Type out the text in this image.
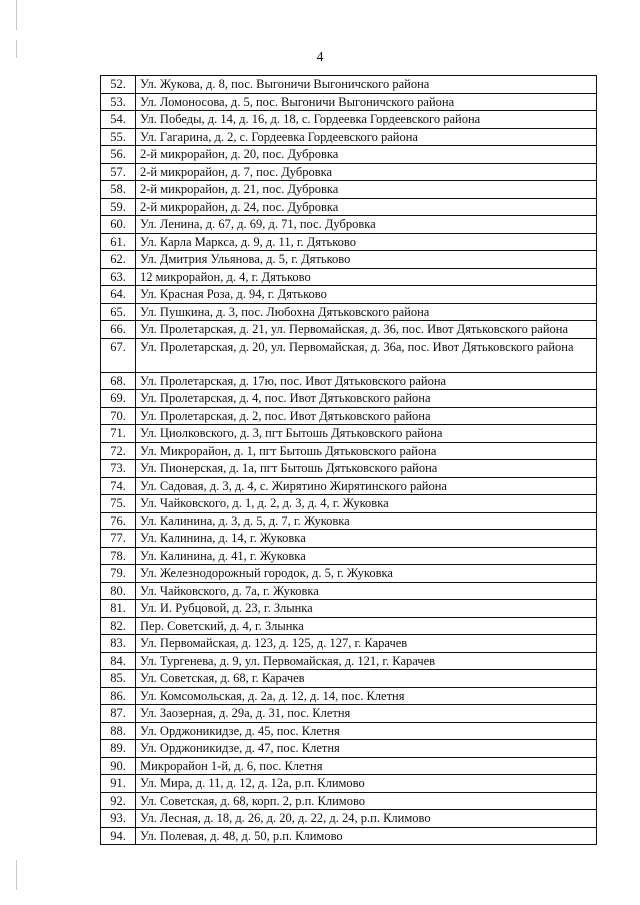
4
52.	Ул. Жукова, д. 8, пос. Выгоничи Выгоничского района
53.	Ул. Ломоносова, д. 5, пос. Выгоничи Выгоничского района
54.	Ул. Победы, д. 14, д. 16, д. 18, с. Гордеевка Гордеевского района
55.	Ул. Гагарина, д. 2, с. Гордеевка Гордеевского района
56.	2-й микрорайон, д. 20, пос. Дубровка
57.	2-й микрорайон, д. 7, пос. Дубровка
58.	2-й микрорайон, д. 21, пос. Дубровка
59.	2-й микрорайон, д. 24, пос. Дубровка
60.	Ул. Ленина, д. 67, д. 69, д. 71, пос. Дубровка
61.	Ул. Карла Маркса, д. 9, д. 11, г. Дятьково
62.	Ул. Дмитрия Ульянова, д. 5, г. Дятьково
63.	12 микрорайон, д. 4, г. Дятьково
64.	Ул. Красная Роза, д. 94, г. Дятьково
65.	Ул. Пушкина, д. 3, пос. Любохна Дятьковского района
66.	Ул. Пролетарская, д. 21, ул. Первомайская, д. 36, пос. Ивот Дятьковского района
67.	Ул. Пролетарская, д. 20, ул. Первомайская, д. 36а, пос. Ивот Дятьковского района
68.	Ул. Пролетарская, д. 17ю, пос. Ивот Дятьковского района
69.	Ул. Пролетарская, д. 4, пос. Ивот Дятьковского района
70.	Ул. Пролетарская, д. 2, пос. Ивот Дятьковского района
71.	Ул. Циолковского, д. 3, пгт Бытошь Дятьковского района
72.	Ул. Микрорайон, д. 1, пгт Бытошь Дятьковского района
73.	Ул. Пионерская, д. 1а, пгт Бытошь Дятьковского района
74.	Ул. Садовая, д. 3, д. 4, с. Жирятино Жирятинского района
75.	Ул. Чайковского, д. 1, д. 2, д. 3, д. 4, г. Жуковка
76.	Ул. Калинина, д. 3, д. 5, д. 7, г. Жуковка
77.	Ул. Калинина, д. 14, г. Жуковка
78.	Ул. Калинина, д. 41, г. Жуковка
79.	Ул. Железнодорожный городок, д. 5, г. Жуковка
80.	Ул. Чайковского, д. 7а, г. Жуковка
81.	Ул. И. Рубцовой, д. 23, г. Злынка
82.	Пер. Советский, д. 4, г. Злынка
83.	Ул. Первомайская, д. 123, д. 125, д. 127, г. Карачев
84.	Ул. Тургенева, д. 9, ул. Первомайская, д. 121, г. Карачев
85.	Ул. Советская, д. 68, г. Карачев
86.	Ул. Комсомольская, д. 2а, д. 12, д. 14, пос. Клетня
87.	Ул. Заозерная, д. 29а, д. 31, пос. Клетня
88.	Ул. Орджоникидзе, д. 45, пос. Клетня
89.	Ул. Орджоникидзе, д. 47, пос. Клетня
90.	Микрорайон 1-й, д. 6, пос. Клетня
91.	Ул. Мира, д. 11, д. 12, д. 12а, р.п. Климово
92.	Ул. Советская, д. 68, корп. 2, р.п. Климово
93.	Ул. Лесная, д. 18, д. 26, д. 20, д. 22, д. 24, р.п. Климово
94.	Ул. Полевая, д. 48, д. 50, р.п. Климово
